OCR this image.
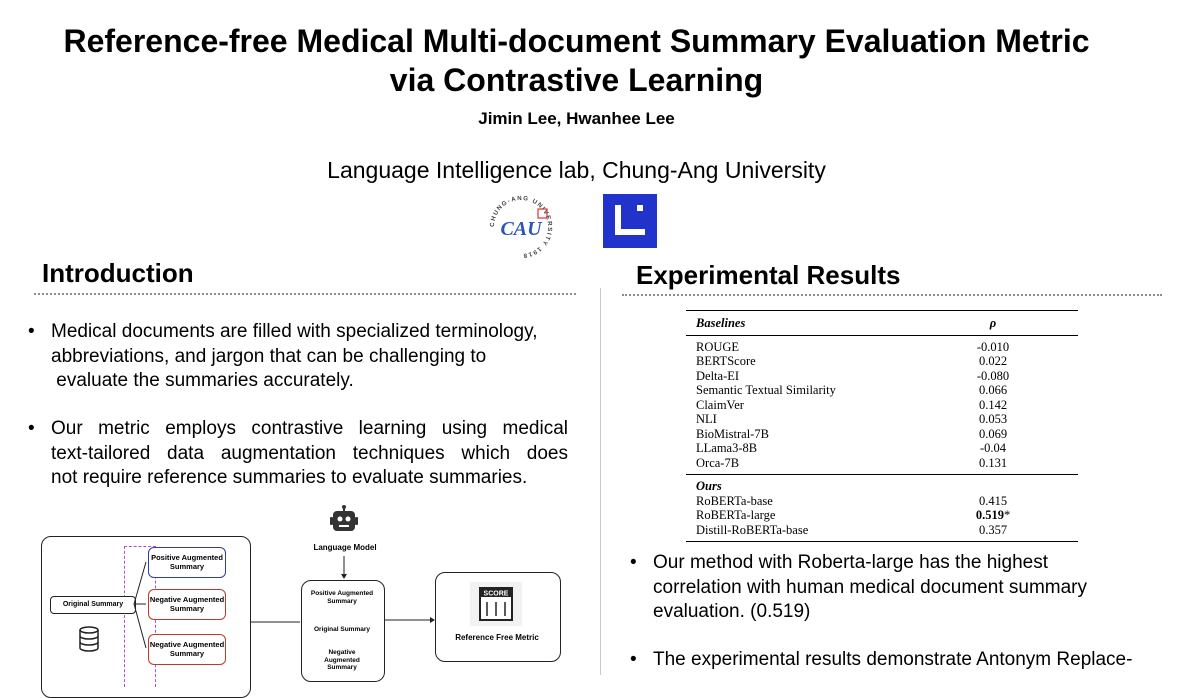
Reference-free Medical Multi-document Summary Evaluation Metric
via Contrastive Learning
Jimin Lee, Hwanhee Lee
Language Intelligence lab, Chung-Ang University
CHUNG-ANG UNIVERSITY 1918
CAU
Introduction
• Medical documents are filled with specialized terminology,
abbreviations, and jargon that can be challenging to
evaluate the summaries accurately.
• Our metric employs contrastive learning using medical
text-tailored data augmentation techniques which does
not require reference summaries to evaluate summaries.
Original Summary
Positive Augmented Summary
Negative Augmented Summary
Negative Augmented Summary
Language Model
Positive Augmented Summary
Original Summary
Negative Augmented Summary
SCORE
Reference Free Metric
Experimental Results
Baselines	ρ
ROUGE	-0.010
BERTScore	0.022
Delta-EI	-0.080
Semantic Textual Similarity	0.066
ClaimVer	0.142
NLI	0.053
BioMistral-7B	0.069
LLama3-8B	-0.04
Orca-7B	0.131
Ours	
RoBERTa-base	0.415
RoBERTa-large	0.519*
Distill-RoBERTa-base	0.357
• Our method with Roberta-large has the highest
correlation with human medical document summary
evaluation. (0.519)
• The experimental results demonstrate Antonym Replace-
